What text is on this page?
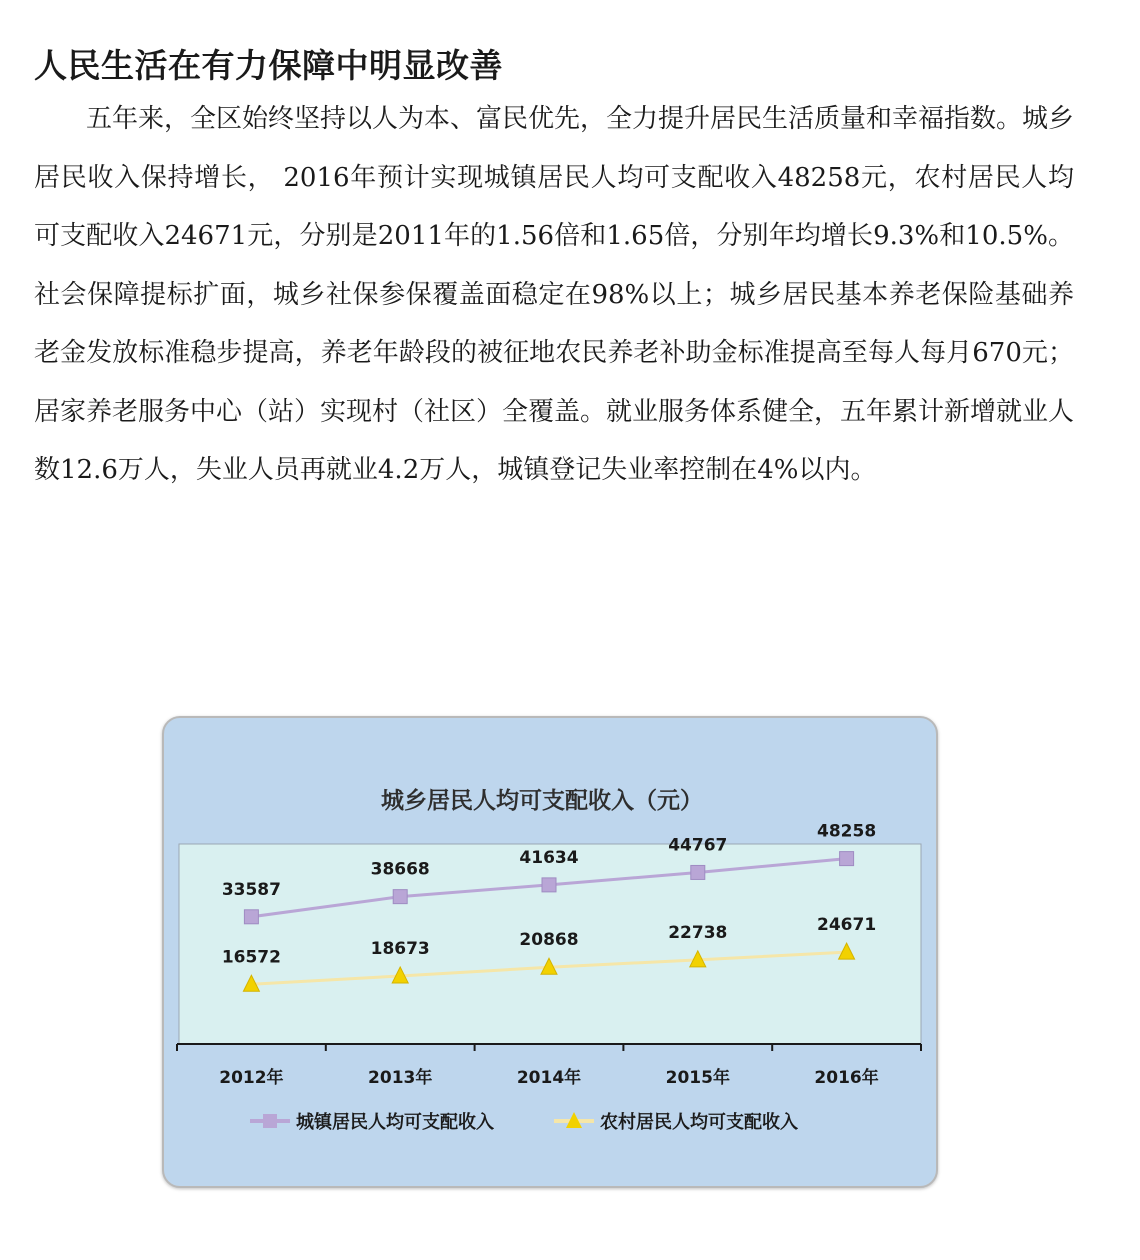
人民生活在有力保障中明显改善

五年来，全区始终坚持以人为本、富民优先，全力提升居民生活质量和幸福指数。城乡居民收入保持增长， 2016年预计实现城镇居民人均可支配收入48258元，农村居民人均可支配收入24671元，分别是2011年的1.56倍和1.65倍，分别年均增长9.3%和10.5%。社会保障提标扩面，城乡社保参保覆盖面稳定在98%以上；城乡居民基本养老保险基础养老金发放标准稳步提高，养老年龄段的被征地农民养老补助金标准提高至每人每月670元；居家养老服务中心（站）实现村（社区）全覆盖。就业服务体系健全，五年累计新增就业人数12.6万人，失业人员再就业4.2万人，城镇登记失业率控制在4%以内。

城乡居民人均可支配收入（元）
2012年	2013年	2014年	2015年	2016年
33587
38668
41634
44767
48258
16572	18673	20868	22738	24671
城镇居民人均可支配收入	农村居民人均可支配收入
